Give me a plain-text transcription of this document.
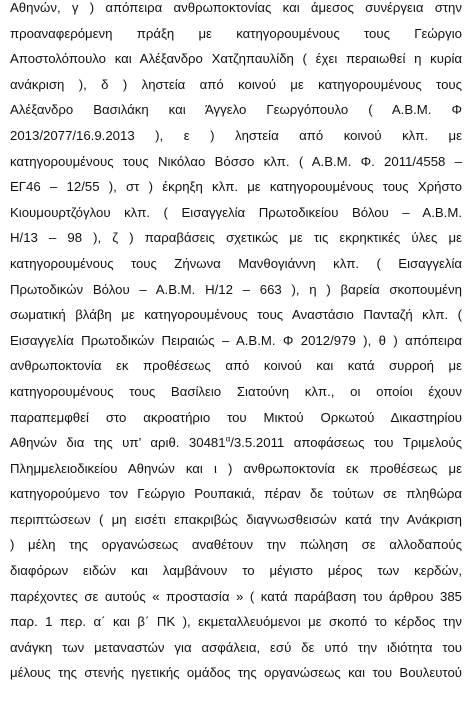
Αθηνών, γ ) απόπειρα ανθρωποκτονίας και άμεσος συνέργεια στην
προαναφερόμενη πράξη με κατηγορουμένους τους Γεώργιο
Αποστολόπουλο και Αλέξανδρο Χατζηπαυλίδη ( έχει περαιωθεί η κυρία
ανάκριση ), δ ) ληστεία από κοινού με κατηγορουμένους τους
Αλέξανδρο Βασιλάκη και Άγγελο Γεωργόπουλο ( Α.Β.Μ. Φ
2013/2077/16.9.2013 ), ε ) ληστεία από κοινού κλπ. με
κατηγορουμένους τους Νικόλαο Βόσσο κλπ. ( Α.Β.Μ. Φ. 2011/4558 –
ΕΓ46 – 12/55 ), στ ) έκρηξη κλπ. με κατηγορουμένους τους Χρήστο
Κιουμουρτζόγλου κλπ. ( Εισαγγελία Πρωτοδικείου Βόλου – Α.Β.Μ.
Η/13 – 98 ), ζ ) παραβάσεις σχετικώς με τις εκρηκτικές ύλες με
κατηγορουμένους τους Ζήνωνα Μανθογιάννη κλπ. ( Εισαγγελία
Πρωτοδικών Βόλου – Α.Β.Μ. Η/12 – 663 ), η ) βαρεία σκοπουμένη
σωματική βλάβη με κατηγορουμένους τους Αναστάσιο Πανταζή κλπ. (
Εισαγγελία Πρωτοδικών Πειραιώς – Α.Β.Μ. Φ 2012/979 ), θ ) απόπειρα
ανθρωποκτονία εκ προθέσεως από κοινού και κατά συρροή με
κατηγορουμένους τους Βασίλειο Σιατούνη κλπ., οι οποίοι έχουν
παραπεμφθεί στο ακροατήριο του Μικτού Ορκωτού Δικαστηρίου
Αθηνών δια της υπ’ αριθ. $30481^\alpha/3.5.2011$ αποφάσεως του Τριμελούς
Πλημμελειοδικείου Αθηνών και ι ) ανθρωποκτονία εκ προθέσεως με
κατηγορούμενο τον Γεώργιο Ρουπακιά, πέραν δε τούτων σε πληθώρα
περιπτώσεων ( μη εισέτι επακριβώς διαγνωσθεισών κατά την Ανάκριση
) μέλη της οργανώσεως αναθέτουν την πώληση σε αλλοδαπούς
διαφόρων ειδών και λαμβάνουν το μέγιστο μέρος των κερδών,
παρέχοντες σε αυτούς « προστασία » ( κατά παράβαση του άρθρου 385
παρ. 1 περ. α΄ και β΄ ΠΚ ), εκμεταλλευόμενοι με σκοπό το κέρδος την
ανάγκη των μεταναστών για ασφάλεια, εσύ δε υπό την ιδιότητα του
μέλους της στενής ηγετικής ομάδος της οργανώσεως και του Βουλευτού
